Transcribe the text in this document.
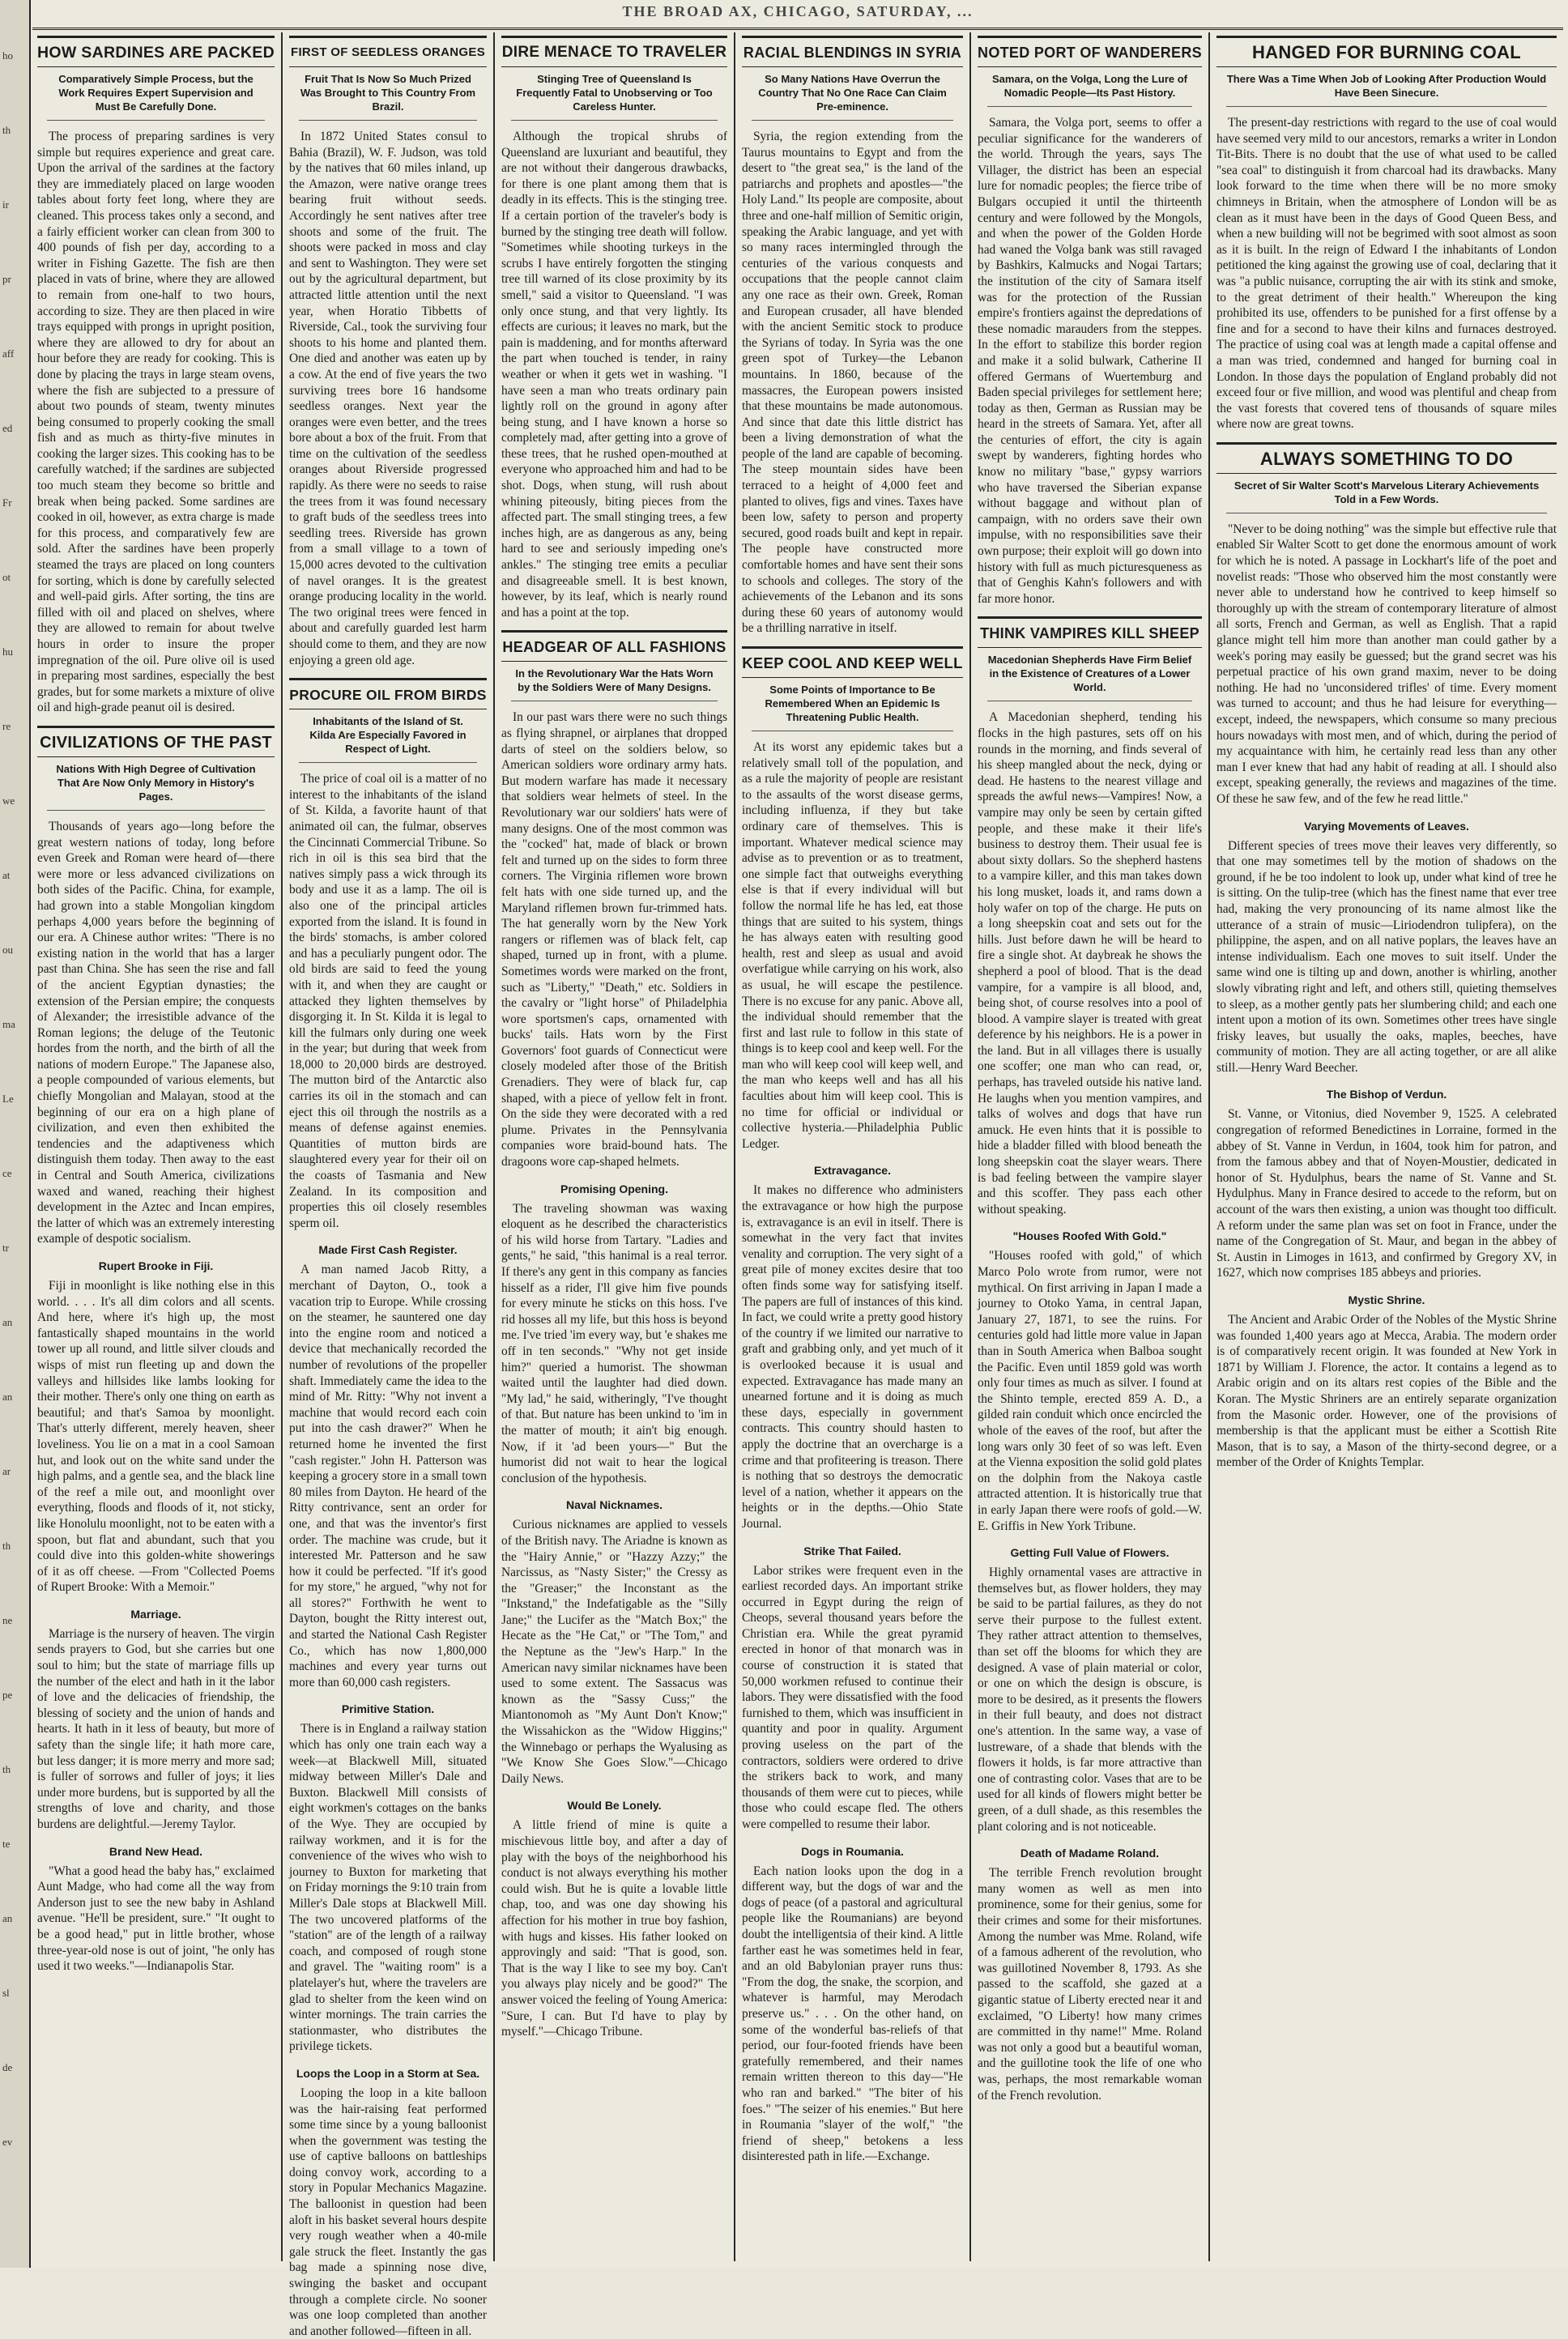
ho
th
ir
pr
aff
ed
Fr
ot
hu
re
we
at
ou
ma
Le
ce
tr
an
an
ar
th
ne
pe
th
te
an
sl
de
ev
THE BROAD AX, CHICAGO, SATURDAY, ...
HOW SARDINES ARE PACKED
Comparatively Simple Process, but the Work Requires Expert Supervision and Must Be Carefully Done.

The process of preparing sardines is very simple but requires experience and great care. Upon the arrival of the sardines at the factory they are immediately placed on large wooden tables about forty feet long, where they are cleaned. This process takes only a second, and a fairly efficient worker can clean from 300 to 400 pounds of fish per day, according to a writer in Fishing Gazette. The fish are then placed in vats of brine, where they are allowed to remain from one-half to two hours, according to size. They are then placed in wire trays equipped with prongs in upright position, where they are allowed to dry for about an hour before they are ready for cooking. This is done by placing the trays in large steam ovens, where the fish are subjected to a pressure of about two pounds of steam, twenty minutes being consumed to properly cooking the small fish and as much as thirty-five minutes in cooking the larger sizes. This cooking has to be carefully watched; if the sardines are subjected too much steam they become so brittle and break when being packed. Some sardines are cooked in oil, however, as extra charge is made for this process, and comparatively few are sold. After the sardines have been properly steamed the trays are placed on long counters for sorting, which is done by carefully selected and well-paid girls. After sorting, the tins are filled with oil and placed on shelves, where they are allowed to remain for about twelve hours in order to insure the proper impregnation of the oil. Pure olive oil is used in preparing most sardines, especially the best grades, but for some markets a mixture of olive oil and high-grade peanut oil is desired.

CIVILIZATIONS OF THE PAST
Nations With High Degree of Cultivation That Are Now Only Memory in History's Pages.

Thousands of years ago—long before the great western nations of today, long before even Greek and Roman were heard of—there were more or less advanced civilizations on both sides of the Pacific. China, for example, had grown into a stable Mongolian kingdom perhaps 4,000 years before the beginning of our era. A Chinese author writes: "There is no existing nation in the world that has a larger past than China. She has seen the rise and fall of the ancient Egyptian dynasties; the extension of the Persian empire; the conquests of Alexander; the irresistible advance of the Roman legions; the deluge of the Teutonic hordes from the north, and the birth of all the nations of modern Europe." The Japanese also, a people compounded of various elements, but chiefly Mongolian and Malayan, stood at the beginning of our era on a high plane of civilization, and even then exhibited the tendencies and the adaptiveness which distinguish them today. Then away to the east in Central and South America, civilizations waxed and waned, reaching their highest development in the Aztec and Incan empires, the latter of which was an extremely interesting example of despotic socialism.

Rupert Brooke in Fiji.

Fiji in moonlight is like nothing else in this world. . . . It's all dim colors and all scents. And here, where it's high up, the most fantastically shaped mountains in the world tower up all round, and little silver clouds and wisps of mist run fleeting up and down the valleys and hillsides like lambs looking for their mother. There's only one thing on earth as beautiful; and that's Samoa by moonlight. That's utterly different, merely heaven, sheer loveliness. You lie on a mat in a cool Samoan hut, and look out on the white sand under the high palms, and a gentle sea, and the black line of the reef a mile out, and moonlight over everything, floods and floods of it, not sticky, like Honolulu moonlight, not to be eaten with a spoon, but flat and abundant, such that you could dive into this golden-white showerings of it as off cheese. —From "Collected Poems of Rupert Brooke: With a Memoir."

Marriage.

Marriage is the nursery of heaven. The virgin sends prayers to God, but she carries but one soul to him; but the state of marriage fills up the number of the elect and hath in it the labor of love and the delicacies of friendship, the blessing of society and the union of hands and hearts. It hath in it less of beauty, but more of safety than the single life; it hath more care, but less danger; it is more merry and more sad; is fuller of sorrows and fuller of joys; it lies under more burdens, but is supported by all the strengths of love and charity, and those burdens are delightful.—Jeremy Taylor.

Brand New Head.

"What a good head the baby has," exclaimed Aunt Madge, who had come all the way from Anderson just to see the new baby in Ashland avenue. "He'll be president, sure." "It ought to be a good head," put in little brother, whose three-year-old nose is out of joint, "he only has used it two weeks."—Indianapolis Star.

FIRST OF SEEDLESS ORANGES
Fruit That Is Now So Much Prized Was Brought to This Country From Brazil.

In 1872 United States consul to Bahia (Brazil), W. F. Judson, was told by the natives that 60 miles inland, up the Amazon, were native orange trees bearing fruit without seeds. Accordingly he sent natives after tree shoots and some of the fruit. The shoots were packed in moss and clay and sent to Washington. They were set out by the agricultural department, but attracted little attention until the next year, when Horatio Tibbetts of Riverside, Cal., took the surviving four shoots to his home and planted them. One died and another was eaten up by a cow. At the end of five years the two surviving trees bore 16 handsome seedless oranges. Next year the oranges were even better, and the trees bore about a box of the fruit. From that time on the cultivation of the seedless oranges about Riverside progressed rapidly. As there were no seeds to raise the trees from it was found necessary to graft buds of the seedless trees into seedling trees. Riverside has grown from a small village to a town of 15,000 acres devoted to the cultivation of navel oranges. It is the greatest orange producing locality in the world. The two original trees were fenced in about and carefully guarded lest harm should come to them, and they are now enjoying a green old age.

PROCURE OIL FROM BIRDS
Inhabitants of the Island of St. Kilda Are Especially Favored in Respect of Light.

The price of coal oil is a matter of no interest to the inhabitants of the island of St. Kilda, a favorite haunt of that animated oil can, the fulmar, observes the Cincinnati Commercial Tribune. So rich in oil is this sea bird that the natives simply pass a wick through its body and use it as a lamp. The oil is also one of the principal articles exported from the island. It is found in the birds' stomachs, is amber colored and has a peculiarly pungent odor. The old birds are said to feed the young with it, and when they are caught or attacked they lighten themselves by disgorging it. In St. Kilda it is legal to kill the fulmars only during one week in the year; but during that week from 18,000 to 20,000 birds are destroyed. The mutton bird of the Antarctic also carries its oil in the stomach and can eject this oil through the nostrils as a means of defense against enemies. Quantities of mutton birds are slaughtered every year for their oil on the coasts of Tasmania and New Zealand. In its composition and properties this oil closely resembles sperm oil.

Made First Cash Register.

A man named Jacob Ritty, a merchant of Dayton, O., took a vacation trip to Europe. While crossing on the steamer, he sauntered one day into the engine room and noticed a device that mechanically recorded the number of revolutions of the propeller shaft. Immediately came the idea to the mind of Mr. Ritty: "Why not invent a machine that would record each coin put into the cash drawer?" When he returned home he invented the first "cash register." John H. Patterson was keeping a grocery store in a small town 80 miles from Dayton. He heard of the Ritty contrivance, sent an order for one, and that was the inventor's first order. The machine was crude, but it interested Mr. Patterson and he saw how it could be perfected. "If it's good for my store," he argued, "why not for all stores?" Forthwith he went to Dayton, bought the Ritty interest out, and started the National Cash Register Co., which has now 1,800,000 machines and every year turns out more than 60,000 cash registers.

Primitive Station.

There is in England a railway station which has only one train each way a week—at Blackwell Mill, situated midway between Miller's Dale and Buxton. Blackwell Mill consists of eight workmen's cottages on the banks of the Wye. They are occupied by railway workmen, and it is for the convenience of the wives who wish to journey to Buxton for marketing that on Friday mornings the 9:10 train from Miller's Dale stops at Blackwell Mill. The two uncovered platforms of the "station" are of the length of a railway coach, and composed of rough stone and gravel. The "waiting room" is a platelayer's hut, where the travelers are glad to shelter from the keen wind on winter mornings. The train carries the stationmaster, who distributes the privilege tickets.

Loops the Loop in a Storm at Sea.

Looping the loop in a kite balloon was the hair-raising feat performed some time since by a young balloonist when the government was testing the use of captive balloons on battleships doing convoy work, according to a story in Popular Mechanics Magazine. The balloonist in question had been aloft in his basket several hours despite very rough weather when a 40-mile gale struck the fleet. Instantly the gas bag made a spinning nose dive, swinging the basket and occupant through a complete circle. No sooner was one loop completed than another and another followed—fifteen in all.

DIRE MENACE TO TRAVELER
Stinging Tree of Queensland Is Frequently Fatal to Unobserving or Too Careless Hunter.

Although the tropical shrubs of Queensland are luxuriant and beautiful, they are not without their dangerous drawbacks, for there is one plant among them that is deadly in its effects. This is the stinging tree. If a certain portion of the traveler's body is burned by the stinging tree death will follow. "Sometimes while shooting turkeys in the scrubs I have entirely forgotten the stinging tree till warned of its close proximity by its smell," said a visitor to Queensland. "I was only once stung, and that very lightly. Its effects are curious; it leaves no mark, but the pain is maddening, and for months afterward the part when touched is tender, in rainy weather or when it gets wet in washing. "I have seen a man who treats ordinary pain lightly roll on the ground in agony after being stung, and I have known a horse so completely mad, after getting into a grove of these trees, that he rushed open-mouthed at everyone who approached him and had to be shot. Dogs, when stung, will rush about whining piteously, biting pieces from the affected part. The small stinging trees, a few inches high, are as dangerous as any, being hard to see and seriously impeding one's ankles." The stinging tree emits a peculiar and disagreeable smell. It is best known, however, by its leaf, which is nearly round and has a point at the top.

HEADGEAR OF ALL FASHIONS
In the Revolutionary War the Hats Worn by the Soldiers Were of Many Designs.

In our past wars there were no such things as flying shrapnel, or airplanes that dropped darts of steel on the soldiers below, so American soldiers wore ordinary army hats. But modern warfare has made it necessary that soldiers wear helmets of steel. In the Revolutionary war our soldiers' hats were of many designs. One of the most common was the "cocked" hat, made of black or brown felt and turned up on the sides to form three corners. The Virginia riflemen wore brown felt hats with one side turned up, and the Maryland riflemen brown fur-trimmed hats. The hat generally worn by the New York rangers or riflemen was of black felt, cap shaped, turned up in front, with a plume. Sometimes words were marked on the front, such as "Liberty," "Death," etc. Soldiers in the cavalry or "light horse" of Philadelphia wore sportsmen's caps, ornamented with bucks' tails. Hats worn by the First Governors' foot guards of Connecticut were closely modeled after those of the British Grenadiers. They were of black fur, cap shaped, with a piece of yellow felt in front. On the side they were decorated with a red plume. Privates in the Pennsylvania companies wore braid-bound hats. The dragoons wore cap-shaped helmets.

Promising Opening.

The traveling showman was waxing eloquent as he described the characteristics of his wild horse from Tartary. "Ladies and gents," he said, "this hanimal is a real terror. If there's any gent in this company as fancies hisself as a rider, I'll give him five pounds for every minute he sticks on this hoss. I've rid hosses all my life, but this hoss is beyond me. I've tried 'im every way, but 'e shakes me off in ten seconds." "Why not get inside him?" queried a humorist. The showman waited until the laughter had died down. "My lad," he said, witheringly, "I've thought of that. But nature has been unkind to 'im in the matter of mouth; it ain't big enough. Now, if it 'ad been yours—" But the humorist did not wait to hear the logical conclusion of the hypothesis.

Naval Nicknames.

Curious nicknames are applied to vessels of the British navy. The Ariadne is known as the "Hairy Annie," or "Hazzy Azzy;" the Narcissus, as "Nasty Sister;" the Cressy as the "Greaser;" the Inconstant as the "Inkstand," the Indefatigable as the "Silly Jane;" the Lucifer as the "Match Box;" the Hecate as the "He Cat," or "The Tom," and the Neptune as the "Jew's Harp." In the American navy similar nicknames have been used to some extent. The Sassacus was known as the "Sassy Cuss;" the Miantonomoh as "My Aunt Don't Know;" the Wissahickon as the "Widow Higgins;" the Winnebago or perhaps the Wyalusing as "We Know She Goes Slow."—Chicago Daily News.

Would Be Lonely.

A little friend of mine is quite a mischievous little boy, and after a day of play with the boys of the neighborhood his conduct is not always everything his mother could wish. But he is quite a lovable little chap, too, and was one day showing his affection for his mother in true boy fashion, with hugs and kisses. His father looked on approvingly and said: "That is good, son. That is the way I like to see my boy. Can't you always play nicely and be good?" The answer voiced the feeling of Young America: "Sure, I can. But I'd have to play by myself."—Chicago Tribune.

RACIAL BLENDINGS IN SYRIA
So Many Nations Have Overrun the Country That No One Race Can Claim Pre-eminence.

Syria, the region extending from the Taurus mountains to Egypt and from the desert to "the great sea," is the land of the patriarchs and prophets and apostles—"the Holy Land." Its people are composite, about three and one-half million of Semitic origin, speaking the Arabic language, and yet with so many races intermingled through the centuries of the various conquests and occupations that the people cannot claim any one race as their own. Greek, Roman and European crusader, all have blended with the ancient Semitic stock to produce the Syrians of today. In Syria was the one green spot of Turkey—the Lebanon mountains. In 1860, because of the massacres, the European powers insisted that these mountains be made autonomous. And since that date this little district has been a living demonstration of what the people of the land are capable of becoming. The steep mountain sides have been terraced to a height of 4,000 feet and planted to olives, figs and vines. Taxes have been low, safety to person and property secured, good roads built and kept in repair. The people have constructed more comfortable homes and have sent their sons to schools and colleges. The story of the achievements of the Lebanon and its sons during these 60 years of autonomy would be a thrilling narrative in itself.

KEEP COOL AND KEEP WELL
Some Points of Importance to Be Remembered When an Epidemic Is Threatening Public Health.

At its worst any epidemic takes but a relatively small toll of the population, and as a rule the majority of people are resistant to the assaults of the worst disease germs, including influenza, if they but take ordinary care of themselves. This is important. Whatever medical science may advise as to prevention or as to treatment, one simple fact that outweighs everything else is that if every individual will but follow the normal life he has led, eat those things that are suited to his system, things he has always eaten with resulting good health, rest and sleep as usual and avoid overfatigue while carrying on his work, also as usual, he will escape the pestilence. There is no excuse for any panic. Above all, the individual should remember that the first and last rule to follow in this state of things is to keep cool and keep well. For the man who will keep cool will keep well, and the man who keeps well and has all his faculties about him will keep cool. This is no time for official or individual or collective hysteria.—Philadelphia Public Ledger.

Extravagance.

It makes no difference who administers the extravagance or how high the purpose is, extravagance is an evil in itself. There is somewhat in the very fact that invites venality and corruption. The very sight of a great pile of money excites desire that too often finds some way for satisfying itself. The papers are full of instances of this kind. In fact, we could write a pretty good history of the country if we limited our narrative to graft and grabbing only, and yet much of it is overlooked because it is usual and expected. Extravagance has made many an unearned fortune and it is doing as much these days, especially in government contracts. This country should hasten to apply the doctrine that an overcharge is a crime and that profiteering is treason. There is nothing that so destroys the democratic level of a nation, whether it appears on the heights or in the depths.—Ohio State Journal.

Strike That Failed.

Labor strikes were frequent even in the earliest recorded days. An important strike occurred in Egypt during the reign of Cheops, several thousand years before the Christian era. While the great pyramid erected in honor of that monarch was in course of construction it is stated that 50,000 workmen refused to continue their labors. They were dissatisfied with the food furnished to them, which was insufficient in quantity and poor in quality. Argument proving useless on the part of the contractors, soldiers were ordered to drive the strikers back to work, and many thousands of them were cut to pieces, while those who could escape fled. The others were compelled to resume their labor.

Dogs in Roumania.

Each nation looks upon the dog in a different way, but the dogs of war and the dogs of peace (of a pastoral and agricultural people like the Roumanians) are beyond doubt the intelligentsia of their kind. A little farther east he was sometimes held in fear, and an old Babylonian prayer runs thus: "From the dog, the snake, the scorpion, and whatever is harmful, may Merodach preserve us." . . . On the other hand, on some of the wonderful bas-reliefs of that period, our four-footed friends have been gratefully remembered, and their names remain written thereon to this day—"He who ran and barked." "The biter of his foes." "The seizer of his enemies." But here in Roumania "slayer of the wolf," "the friend of sheep," betokens a less disinterested path in life.—Exchange.

NOTED PORT OF WANDERERS
Samara, on the Volga, Long the Lure of Nomadic People—Its Past History.

Samara, the Volga port, seems to offer a peculiar significance for the wanderers of the world. Through the years, says The Villager, the district has been an especial lure for nomadic peoples; the fierce tribe of Bulgars occupied it until the thirteenth century and were followed by the Mongols, and when the power of the Golden Horde had waned the Volga bank was still ravaged by Bashkirs, Kalmucks and Nogai Tartars; the institution of the city of Samara itself was for the protection of the Russian empire's frontiers against the depredations of these nomadic marauders from the steppes. In the effort to stabilize this border region and make it a solid bulwark, Catherine II offered Germans of Wuertemburg and Baden special privileges for settlement here; today as then, German as Russian may be heard in the streets of Samara. Yet, after all the centuries of effort, the city is again swept by wanderers, fighting hordes who know no military "base," gypsy warriors who have traversed the Siberian expanse without baggage and without plan of campaign, with no orders save their own impulse, with no responsibilities save their own purpose; their exploit will go down into history with full as much picturesqueness as that of Genghis Kahn's followers and with far more honor.

THINK VAMPIRES KILL SHEEP
Macedonian Shepherds Have Firm Belief in the Existence of Creatures of a Lower World.

A Macedonian shepherd, tending his flocks in the high pastures, sets off on his rounds in the morning, and finds several of his sheep mangled about the neck, dying or dead. He hastens to the nearest village and spreads the awful news—Vampires! Now, a vampire may only be seen by certain gifted people, and these make it their life's business to destroy them. Their usual fee is about sixty dollars. So the shepherd hastens to a vampire killer, and this man takes down his long musket, loads it, and rams down a holy wafer on top of the charge. He puts on a long sheepskin coat and sets out for the hills. Just before dawn he will be heard to fire a single shot. At daybreak he shows the shepherd a pool of blood. That is the dead vampire, for a vampire is all blood, and, being shot, of course resolves into a pool of blood. A vampire slayer is treated with great deference by his neighbors. He is a power in the land. But in all villages there is usually one scoffer; one man who can read, or, perhaps, has traveled outside his native land. He laughs when you mention vampires, and talks of wolves and dogs that have run amuck. He even hints that it is possible to hide a bladder filled with blood beneath the long sheepskin coat the slayer wears. There is bad feeling between the vampire slayer and this scoffer. They pass each other without speaking.

"Houses Roofed With Gold."

"Houses roofed with gold," of which Marco Polo wrote from rumor, were not mythical. On first arriving in Japan I made a journey to Otoko Yama, in central Japan, January 27, 1871, to see the ruins. For centuries gold had little more value in Japan than in South America when Balboa sought the Pacific. Even until 1859 gold was worth only four times as much as silver. I found at the Shinto temple, erected 859 A. D., a gilded rain conduit which once encircled the whole of the eaves of the roof, but after the long wars only 30 feet of so was left. Even at the Vienna exposition the solid gold plates on the dolphin from the Nakoya castle attracted attention. It is historically true that in early Japan there were roofs of gold.—W. E. Griffis in New York Tribune.

Getting Full Value of Flowers.

Highly ornamental vases are attractive in themselves but, as flower holders, they may be said to be partial failures, as they do not serve their purpose to the fullest extent. They rather attract attention to themselves, than set off the blooms for which they are designed. A vase of plain material or color, or one on which the design is obscure, is more to be desired, as it presents the flowers in their full beauty, and does not distract one's attention. In the same way, a vase of lustreware, of a shade that blends with the flowers it holds, is far more attractive than one of contrasting color. Vases that are to be used for all kinds of flowers might better be green, of a dull shade, as this resembles the plant coloring and is not noticeable.

Death of Madame Roland.

The terrible French revolution brought many women as well as men into prominence, some for their genius, some for their crimes and some for their misfortunes. Among the number was Mme. Roland, wife of a famous adherent of the revolution, who was guillotined November 8, 1793. As she passed to the scaffold, she gazed at a gigantic statue of Liberty erected near it and exclaimed, "O Liberty! how many crimes are committed in thy name!" Mme. Roland was not only a good but a beautiful woman, and the guillotine took the life of one who was, perhaps, the most remarkable woman of the French revolution.

HANGED FOR BURNING COAL
There Was a Time When Job of Looking After Production Would Have Been Sinecure.

The present-day restrictions with regard to the use of coal would have seemed very mild to our ancestors, remarks a writer in London Tit-Bits. There is no doubt that the use of what used to be called "sea coal" to distinguish it from charcoal had its drawbacks. Many look forward to the time when there will be no more smoky chimneys in Britain, when the atmosphere of London will be as clean as it must have been in the days of Good Queen Bess, and when a new building will not be begrimed with soot almost as soon as it is built. In the reign of Edward I the inhabitants of London petitioned the king against the growing use of coal, declaring that it was "a public nuisance, corrupting the air with its stink and smoke, to the great detriment of their health." Whereupon the king prohibited its use, offenders to be punished for a first offense by a fine and for a second to have their kilns and furnaces destroyed. The practice of using coal was at length made a capital offense and a man was tried, condemned and hanged for burning coal in London. In those days the population of England probably did not exceed four or five million, and wood was plentiful and cheap from the vast forests that covered tens of thousands of square miles where now are great towns.

ALWAYS SOMETHING TO DO
Secret of Sir Walter Scott's Marvelous Literary Achievements Told in a Few Words.

"Never to be doing nothing" was the simple but effective rule that enabled Sir Walter Scott to get done the enormous amount of work for which he is noted. A passage in Lockhart's life of the poet and novelist reads: "Those who observed him the most constantly were never able to understand how he contrived to keep himself so thoroughly up with the stream of contemporary literature of almost all sorts, French and German, as well as English. That a rapid glance might tell him more than another man could gather by a week's poring may easily be guessed; but the grand secret was his perpetual practice of his own grand maxim, never to be doing nothing. He had no 'unconsidered trifles' of time. Every moment was turned to account; and thus he had leisure for everything—except, indeed, the newspapers, which consume so many precious hours nowadays with most men, and of which, during the period of my acquaintance with him, he certainly read less than any other man I ever knew that had any habit of reading at all. I should also except, speaking generally, the reviews and magazines of the time. Of these he saw few, and of the few he read little."

Varying Movements of Leaves.

Different species of trees move their leaves very differently, so that one may sometimes tell by the motion of shadows on the ground, if he be too indolent to look up, under what kind of tree he is sitting. On the tulip-tree (which has the finest name that ever tree had, making the very pronouncing of its name almost like the utterance of a strain of music—Liriodendron tulipfera), on the philippine, the aspen, and on all native poplars, the leaves have an intense individualism. Each one moves to suit itself. Under the same wind one is tilting up and down, another is whirling, another slowly vibrating right and left, and others still, quieting themselves to sleep, as a mother gently pats her slumbering child; and each one intent upon a motion of its own. Sometimes other trees have single frisky leaves, but usually the oaks, maples, beeches, have community of motion. They are all acting together, or are all alike still.—Henry Ward Beecher.

The Bishop of Verdun.

St. Vanne, or Vitonius, died November 9, 1525. A celebrated congregation of reformed Benedictines in Lorraine, formed in the abbey of St. Vanne in Verdun, in 1604, took him for patron, and from the famous abbey and that of Noyen-Moustier, dedicated in honor of St. Hydulphus, bears the name of St. Vanne and St. Hydulphus. Many in France desired to accede to the reform, but on account of the wars then existing, a union was thought too difficult. A reform under the same plan was set on foot in France, under the name of the Congregation of St. Maur, and began in the abbey of St. Austin in Limoges in 1613, and confirmed by Gregory XV, in 1627, which now comprises 185 abbeys and priories.

Mystic Shrine.

The Ancient and Arabic Order of the Nobles of the Mystic Shrine was founded 1,400 years ago at Mecca, Arabia. The modern order is of comparatively recent origin. It was founded at New York in 1871 by William J. Florence, the actor. It contains a legend as to Arabic origin and on its altars rest copies of the Bible and the Koran. The Mystic Shriners are an entirely separate organization from the Masonic order. However, one of the provisions of membership is that the applicant must be either a Scottish Rite Mason, that is to say, a Mason of the thirty-second degree, or a member of the Order of Knights Templar.
